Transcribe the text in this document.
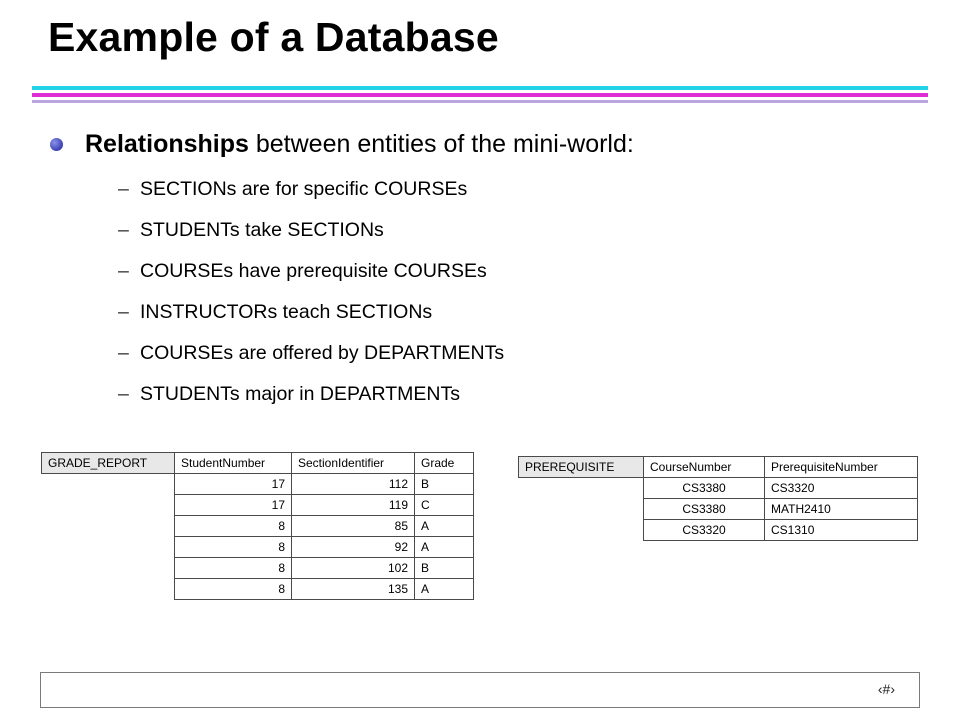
Example of a Database
Relationships between entities of the mini-world:
– SECTIONs are for specific COURSEs
– STUDENTs take SECTIONs
– COURSEs have prerequisite COURSEs
– INSTRUCTORs teach SECTIONs
– COURSEs are offered by DEPARTMENTs
– STUDENTs major in DEPARTMENTs
GRADE_REPORT	StudentNumber	SectionIdentifier	Grade
	17	112	B
	17	119	C
	8	85	A
	8	92	A
	8	102	B
	8	135	A
PREREQUISITE	CourseNumber	PrerequisiteNumber
	CS3380	CS3320
	CS3380	MATH2410
	CS3320	CS1310
‹#›
